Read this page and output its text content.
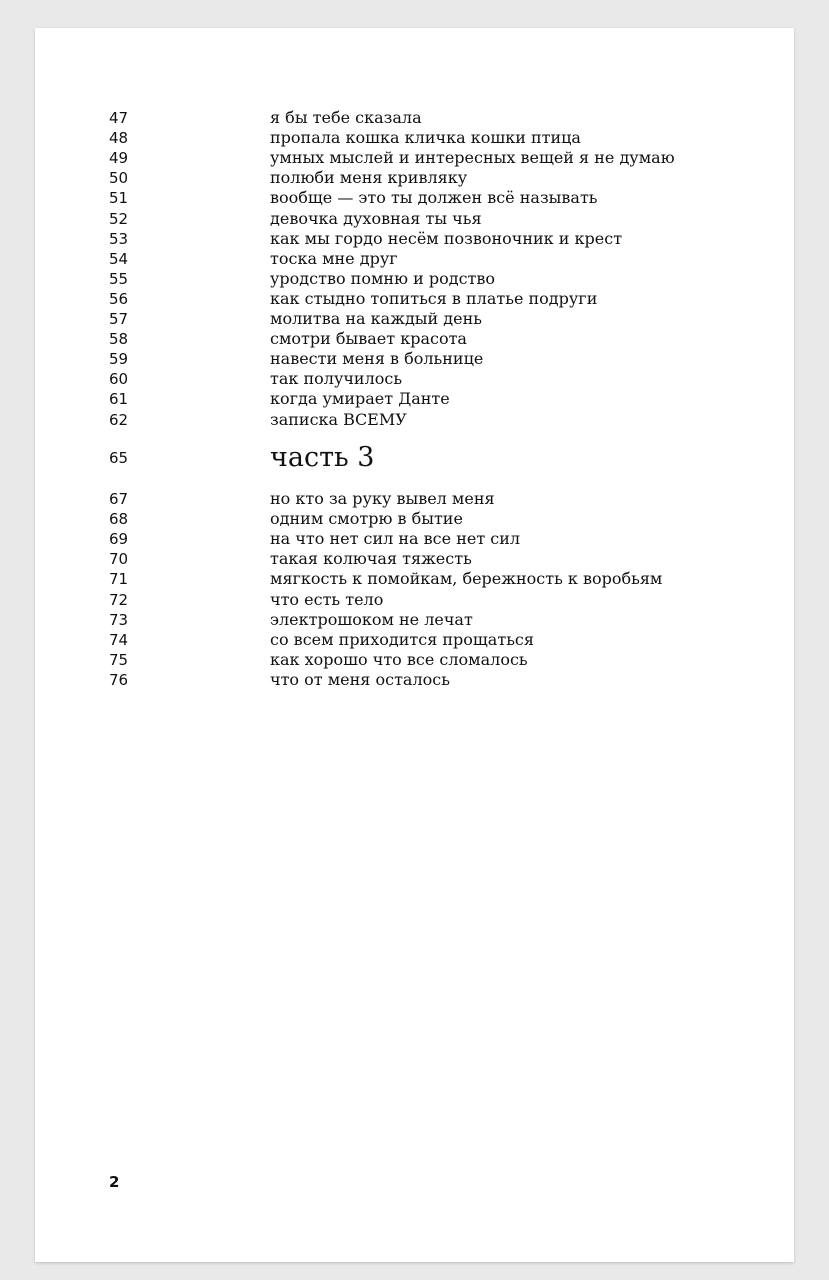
47	я бы тебе сказала
48	пропала кошка кличка кошки птица
49	умных мыслей и интересных вещей я не думаю
50	полюби меня кривляку
51	вообще — это ты должен всё называть
52	девочка духовная ты чья
53	как мы гордо несём позвоночник и крест
54	тоска мне друг
55	уродство помню и родство
56	как стыдно топиться в платье подруги
57	молитва на каждый день
58	смотри бывает красота
59	навести меня в больнице
60	так получилось
61	когда умирает Данте
62	записка ВСЕМУ
65	часть 3
67	но кто за руку вывел меня
68	одним смотрю в бытие
69	на что нет сил на все нет сил
70	такая колючая тяжесть
71	мягкость к помойкам, бережность к воробьям
72	что есть тело
73	электрошоком не лечат
74	со всем приходится прощаться
75	как хорошо что все сломалось
76	что от меня осталось
2
